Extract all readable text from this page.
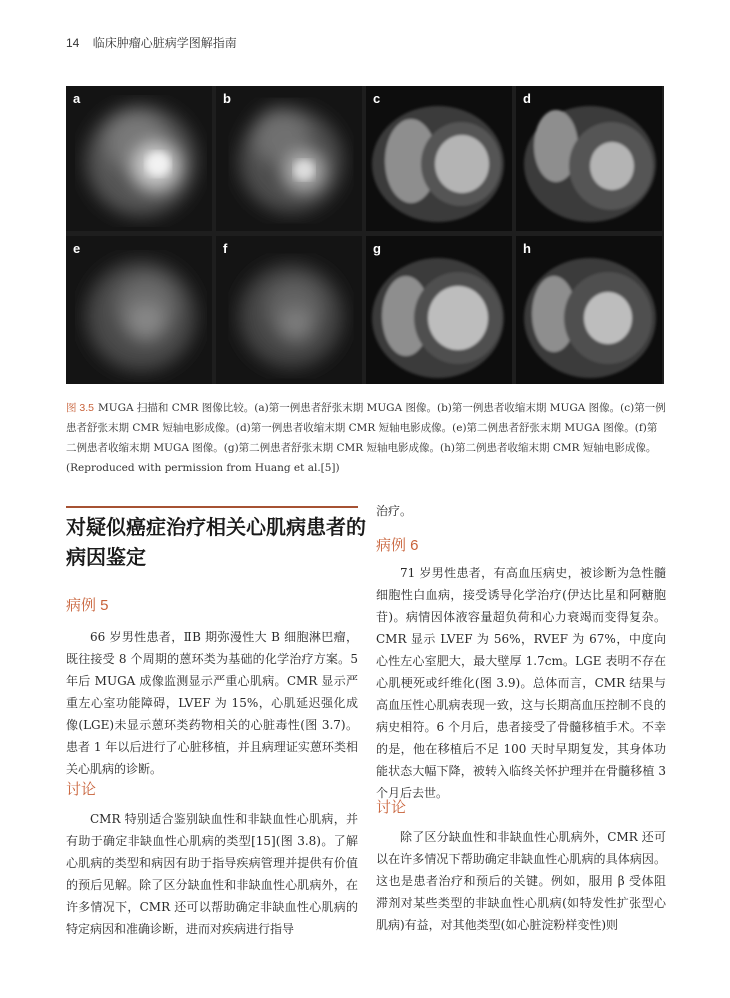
14 临床肿瘤心脏病学图解指南
a	b	c	d
e	f	g	h
图 3.5 MUGA 扫描和 CMR 图像比较。(a)第一例患者舒张末期 MUGA 图像。(b)第一例患者收缩末期 MUGA 图像。(c)第一例患者舒张末期 CMR 短轴电影成像。(d)第一例患者收缩末期 CMR 短轴电影成像。(e)第二例患者舒张末期 MUGA 图像。(f)第二例患者收缩末期 MUGA 图像。(g)第二例患者舒张末期 CMR 短轴电影成像。(h)第二例患者收缩末期 CMR 短轴电影成像。(Reproduced with permission from Huang et al.[5])
对疑似癌症治疗相关心肌病患者的病因鉴定
病例 5

66 岁男性患者，ⅡB 期弥漫性大 B 细胞淋巴瘤，既往接受 8 个周期的蒽环类为基础的化学治疗方案。5 年后 MUGA 成像监测显示严重心肌病。CMR 显示严重左心室功能障碍，LVEF 为 15%，心肌延迟强化成像(LGE)未显示蒽环类药物相关的心脏毒性(图 3.7)。患者 1 年以后进行了心脏移植，并且病理证实蒽环类相关心肌病的诊断。

讨论

CMR 特别适合鉴别缺血性和非缺血性心肌病，并有助于确定非缺血性心肌病的类型[15](图 3.8)。了解心肌病的类型和病因有助于指导疾病管理并提供有价值的预后见解。除了区分缺血性和非缺血性心肌病外，在许多情况下，CMR 还可以帮助确定非缺血性心肌病的特定病因和准确诊断，进而对疾病进行指导

治疗。
病例 6

71 岁男性患者，有高血压病史，被诊断为急性髓细胞性白血病，接受诱导化学治疗(伊达比星和阿糖胞苷)。病情因体液容量超负荷和心力衰竭而变得复杂。CMR 显示 LVEF 为 56%，RVEF 为 67%，中度向心性左心室肥大，最大壁厚 1.7cm。LGE 表明不存在心肌梗死或纤维化(图 3.9)。总体而言，CMR 结果与高血压性心肌病表现一致，这与长期高血压控制不良的病史相符。6 个月后，患者接受了骨髓移植手术。不幸的是，他在移植后不足 100 天时早期复发，其身体功能状态大幅下降，被转入临终关怀护理并在骨髓移植 3 个月后去世。

讨论

除了区分缺血性和非缺血性心肌病外，CMR 还可以在许多情况下帮助确定非缺血性心肌病的具体病因。这也是患者治疗和预后的关键。例如，服用 β 受体阻滞剂对某些类型的非缺血性心肌病(如特发性扩张型心肌病)有益，对其他类型(如心脏淀粉样变性)则
